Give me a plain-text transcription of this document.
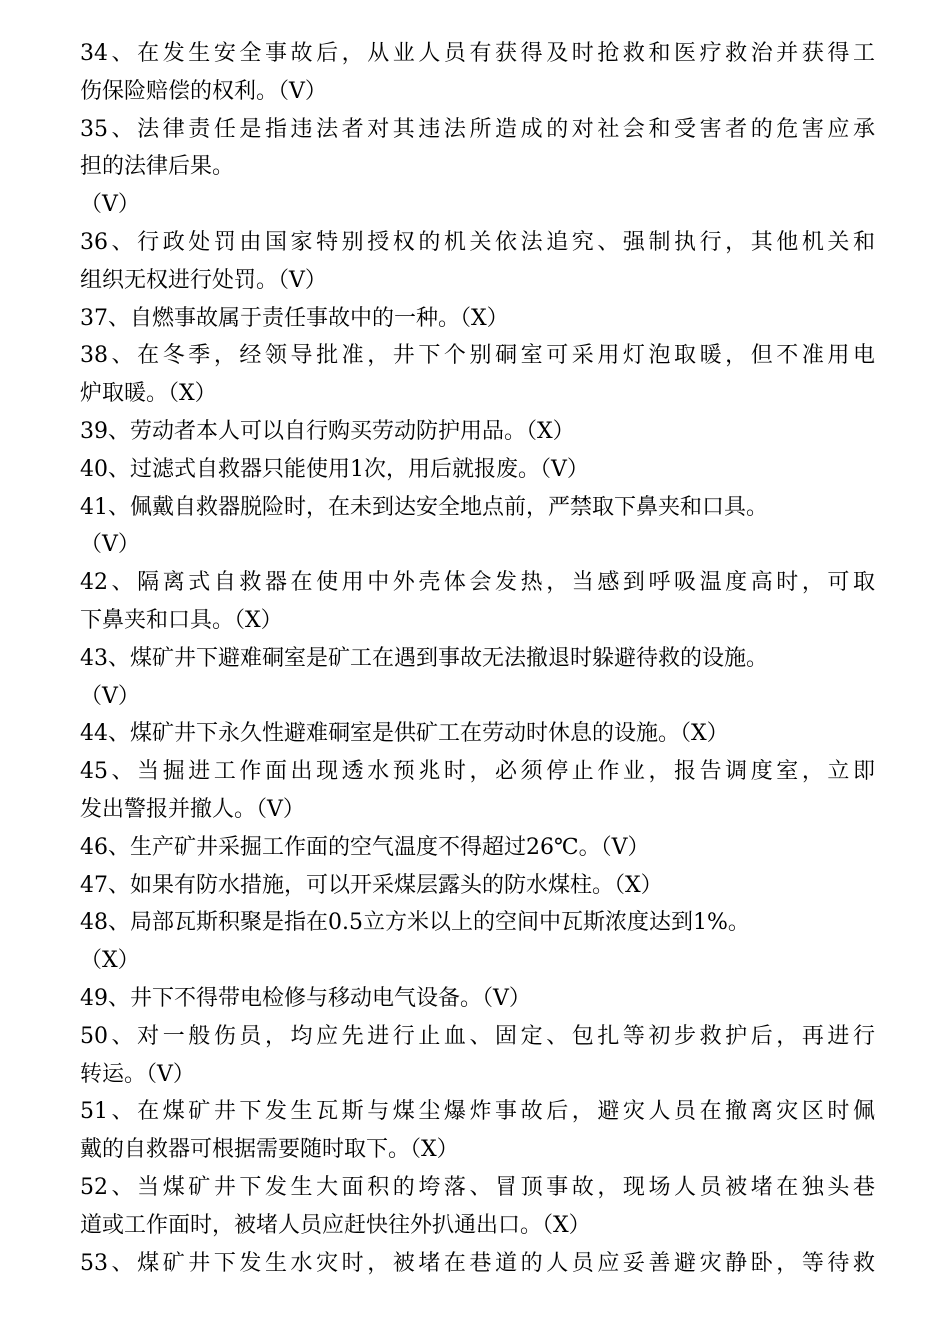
34、在发生安全事故后，从业人员有获得及时抢救和医疗救治并获得工
伤保险赔偿的权利。（V）
35、法律责任是指违法者对其违法所造成的对社会和受害者的危害应承
担的法律后果。
（V）
36、行政处罚由国家特别授权的机关依法追究、强制执行，其他机关和
组织无权进行处罚。（V）
37、自燃事故属于责任事故中的一种。（X）
38、在冬季，经领导批准，井下个别硐室可采用灯泡取暖，但不准用电
炉取暖。（X）
39、劳动者本人可以自行购买劳动防护用品。（X）
40、过滤式自救器只能使用1次，用后就报废。（V）
41、佩戴自救器脱险时，在未到达安全地点前，严禁取下鼻夹和口具。
（V）
42、隔离式自救器在使用中外壳体会发热，当感到呼吸温度高时，可取
下鼻夹和口具。（X）
43、煤矿井下避难硐室是矿工在遇到事故无法撤退时躲避待救的设施。
（V）
44、煤矿井下永久性避难硐室是供矿工在劳动时休息的设施。（X）
45、当掘进工作面出现透水预兆时，必须停止作业，报告调度室，立即
发出警报并撤人。（V）
46、生产矿井采掘工作面的空气温度不得超过26℃。（V）
47、如果有防水措施，可以开采煤层露头的防水煤柱。（X）
48、局部瓦斯积聚是指在0.5立方米以上的空间中瓦斯浓度达到1%。
（X）
49、井下不得带电检修与移动电气设备。（V）
50、对一般伤员，均应先进行止血、固定、包扎等初步救护后，再进行
转运。（V）
51、在煤矿井下发生瓦斯与煤尘爆炸事故后，避灾人员在撤离灾区时佩
戴的自救器可根据需要随时取下。（X）
52、当煤矿井下发生大面积的垮落、冒顶事故，现场人员被堵在独头巷
道或工作面时，被堵人员应赶快往外扒通出口。（X）
53、煤矿井下发生水灾时，被堵在巷道的人员应妥善避灾静卧，等待救
